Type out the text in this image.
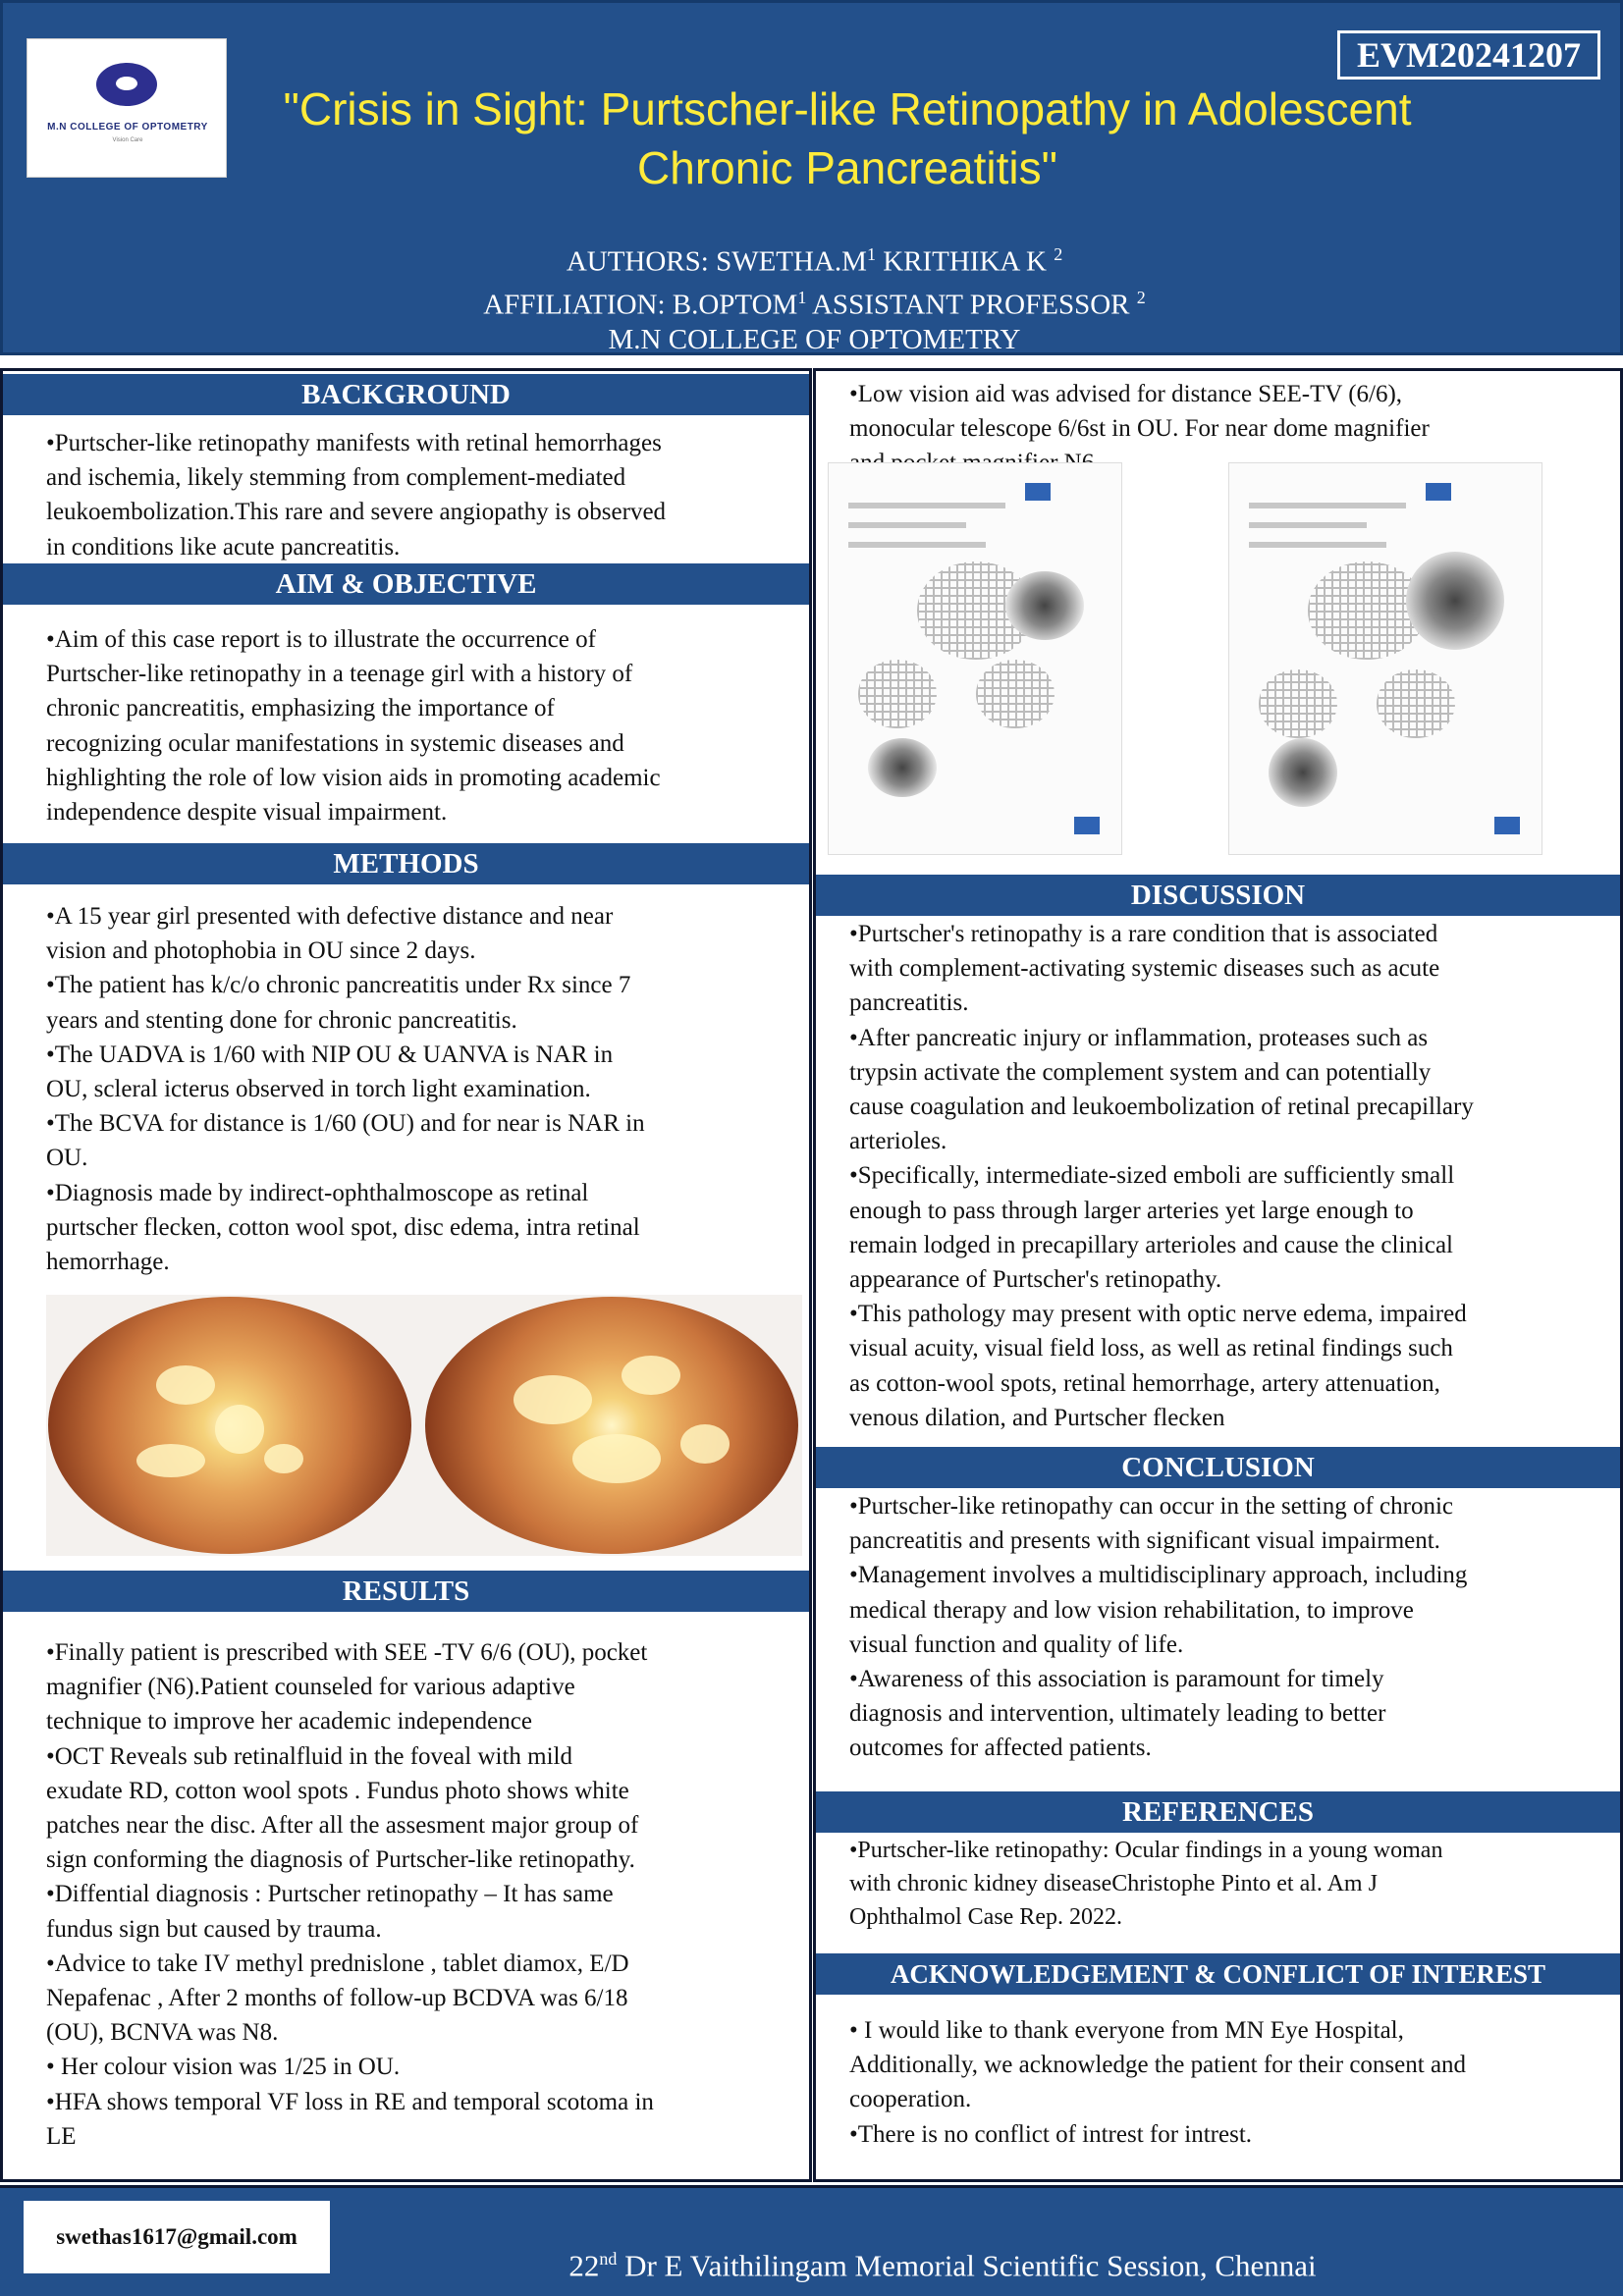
M.N COLLEGE OF OPTOMETRY
Vision Care
EVM20241207
"Crisis in Sight: Purtscher-like Retinopathy in Adolescent Chronic Pancreatitis"
AUTHORS: $SWETHA.M^1$ KRITHIKA K $^2$
AFFILIATION: B.OPTOM$^1$ ASSISTANT PROFESSOR $^2$
M.N COLLEGE OF OPTOMETRY
BACKGROUND

•Purtscher-like retinopathy manifests with retinal hemorrhages

and ischemia, likely stemming from complement-mediated

leukoembolization.This rare and severe angiopathy is observed

in conditions like acute pancreatitis.

AIM & OBJECTIVE

•Aim of this case report is to illustrate the occurrence of

Purtscher-like retinopathy in a teenage girl with a history of

chronic pancreatitis, emphasizing the importance of

recognizing ocular manifestations in systemic diseases and

highlighting the role of low vision aids in promoting academic

independence despite visual impairment.

METHODS

•A 15 year girl presented with defective distance and near

vision and photophobia in OU since 2 days.

•The patient has k/c/o chronic pancreatitis under Rx since 7

years and stenting done for chronic pancreatitis.

•The UADVA is 1/60 with NIP OU & UANVA is NAR in

OU, scleral icterus observed in torch light examination.

•The BCVA for distance is 1/60 (OU) and for near is NAR in

OU.

•Diagnosis made by indirect-ophthalmoscope as retinal

purtscher flecken, cotton wool spot, disc edema, intra retinal

hemorrhage.

RESULTS

•Finally patient is prescribed with SEE -TV 6/6 (OU), pocket

magnifier (N6).Patient counseled for various adaptive

technique to improve her academic independence

•OCT Reveals sub retinalfluid in the foveal with mild

exudate RD, cotton wool spots . Fundus photo shows white

patches near the disc. After all the assesment major group of

sign conforming the diagnosis of Purtscher-like retinopathy.

•Diffential diagnosis : Purtscher retinopathy – It has same

fundus sign but caused by trauma.

•Advice to take IV methyl prednislone , tablet diamox, E/D

Nepafenac , After 2 months of follow-up BCDVA was 6/18

(OU), BCNVA was N8.

• Her colour vision was 1/25 in OU.

•HFA shows temporal VF loss in RE and temporal scotoma in

LE

•Low vision aid was advised for distance SEE-TV (6/6),

monocular telescope 6/6st in OU. For near dome magnifier

DISCUSSION

•Purtscher's retinopathy is a rare condition that is associated

with complement-activating systemic diseases such as acute

pancreatitis.

•After pancreatic injury or inflammation, proteases such as

trypsin activate the complement system and can potentially

cause coagulation and leukoembolization of retinal precapillary

arterioles.

•Specifically, intermediate-sized emboli are sufficiently small

enough to pass through larger arteries yet large enough to

remain lodged in precapillary arterioles and cause the clinical

appearance of Purtscher's retinopathy.

•This pathology may present with optic nerve edema, impaired

visual acuity, visual field loss, as well as retinal findings such

as cotton-wool spots, retinal hemorrhage, artery attenuation,

venous dilation, and Purtscher flecken

CONCLUSION

•Purtscher-like retinopathy can occur in the setting of chronic

pancreatitis and presents with significant visual impairment.

•Management involves a multidisciplinary approach, including

medical therapy and low vision rehabilitation, to improve

visual function and quality of life.

•Awareness of this association is paramount for timely

diagnosis and intervention, ultimately leading to better

outcomes for affected patients.

REFERENCES

•Purtscher-like retinopathy: Ocular findings in a young woman

with chronic kidney diseaseChristophe Pinto et al. Am J

Ophthalmol Case Rep. 2022.

ACKNOWLEDGEMENT & CONFLICT OF INTEREST

• I would like to thank everyone from MN Eye Hospital,

Additionally, we acknowledge the patient for their consent and

cooperation.

•There is no conflict of intrest for intrest.

swethas1617@gmail.com
22nd Dr E Vaithilingam Memorial Scientific Session, Chennai
